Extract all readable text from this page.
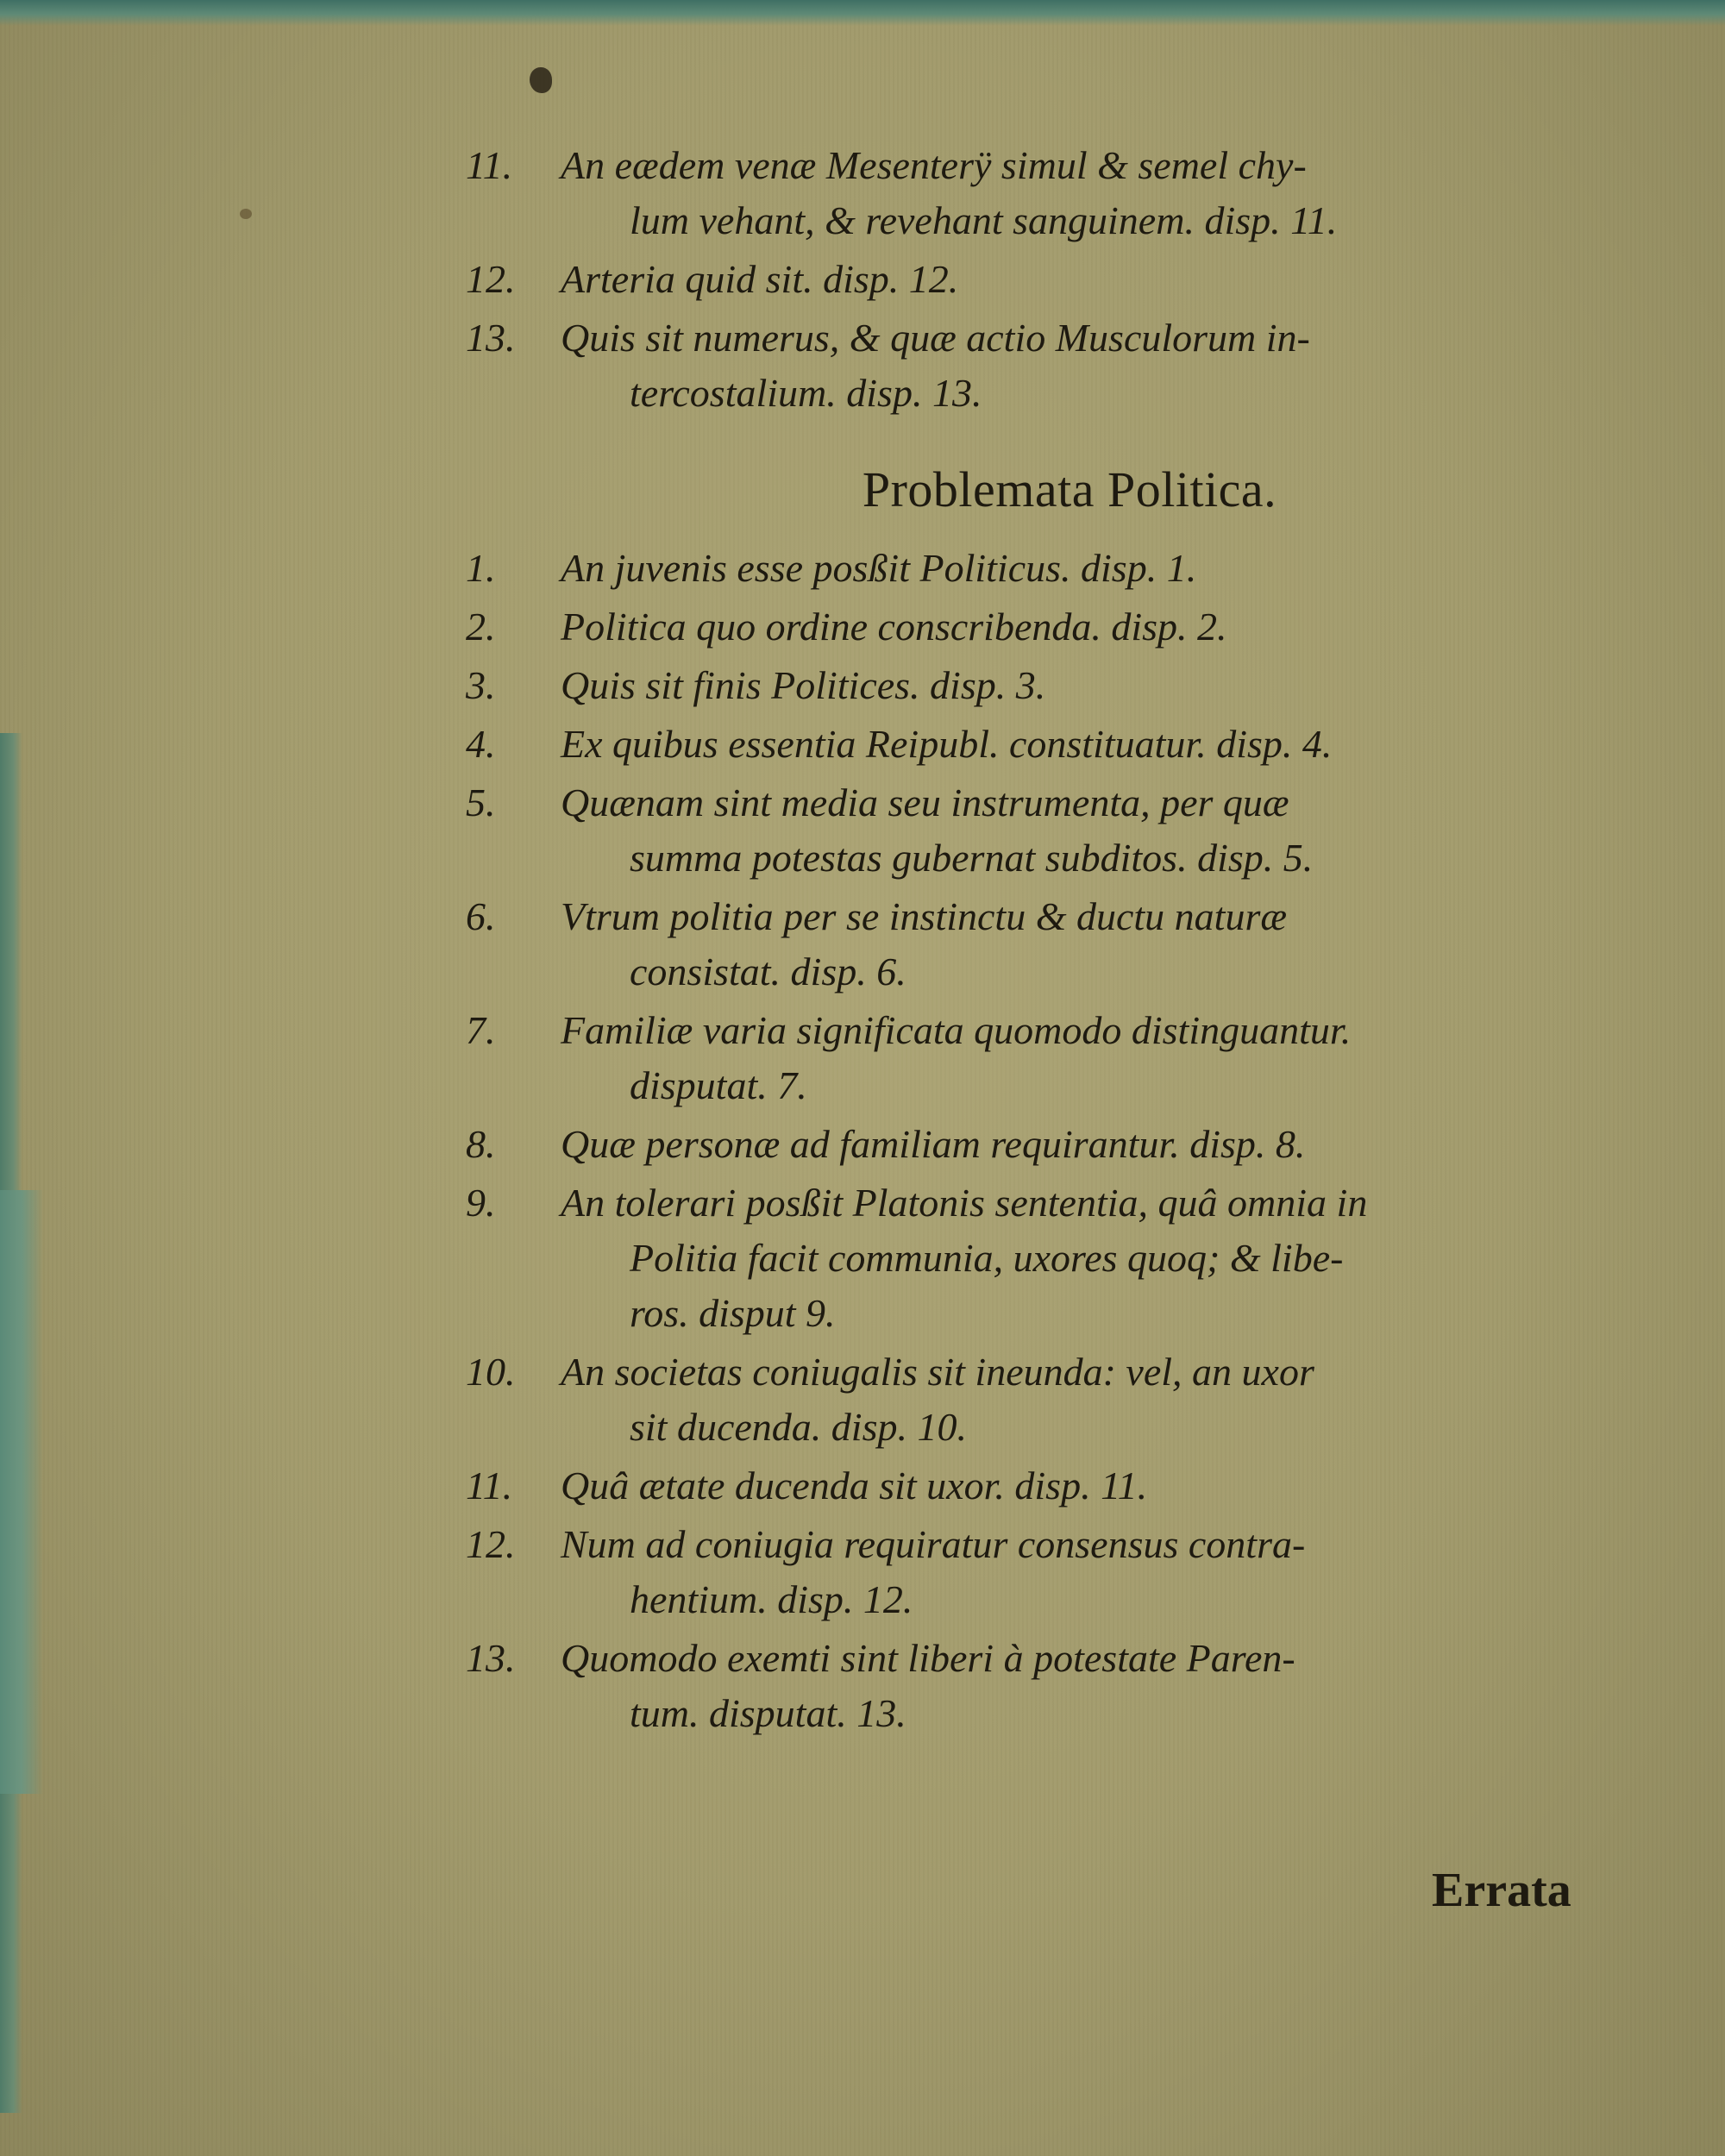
11.	An eædem venæ Mesenterÿ simul & semel chy-
lum vehant, & revehant sanguinem. disp. 11.
12.	Arteria quid sit. disp. 12.
13.	Quis sit numerus, & quæ actio Musculorum in-
tercostalium. disp. 13.
Problemata Politica.
1.	An juvenis esse posßit Politicus. disp. 1.
2.	Politica quo ordine conscribenda. disp. 2.
3.	Quis sit finis Politices. disp. 3.
4.	Ex quibus essentia Reipubl. constituatur. disp. 4.
5.	Quænam sint media seu instrumenta, per quæ
summa potestas gubernat subditos. disp. 5.
6.	Vtrum politia per se instinctu & ductu naturæ
consistat. disp. 6.
7.	Familiæ varia significata quomodo distinguantur.
disputat. 7.
8.	Quæ personæ ad familiam requirantur. disp. 8.
9.	An tolerari posßit Platonis sententia, quâ omnia in
Politia facit communia, uxores quoq; & libe-
ros. disput 9.
10.	An societas coniugalis sit ineunda: vel, an uxor
sit ducenda. disp. 10.
11.	Quâ ætate ducenda sit uxor. disp. 11.
12.	Num ad coniugia requiratur consensus contra-
hentium. disp. 12.
13.	Quomodo exemti sint liberi à potestate Paren-
tum. disputat. 13.
Errata
